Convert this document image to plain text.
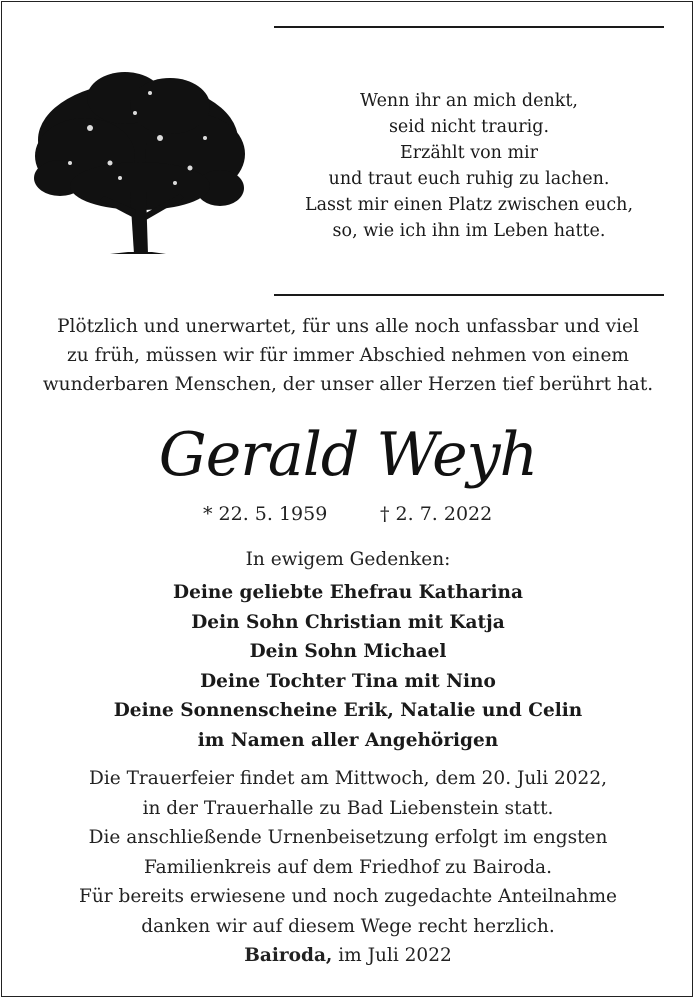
Wenn ihr an mich denkt,
seid nicht traurig.
Erzählt von mir
und traut euch ruhig zu lachen.
Lasst mir einen Platz zwischen euch,
so, wie ich ihn im Leben hatte.
Plötzlich und unerwartet, für uns alle noch unfassbar und viel
zu früh, müssen wir für immer Abschied nehmen von einem
wunderbaren Menschen, der unser aller Herzen tief berührt hat.
Gerald Weyh
* 22. 5. 1959	† 2. 7. 2022
In ewigem Gedenken:
Deine geliebte Ehefrau Katharina
Dein Sohn Christian mit Katja
Dein Sohn Michael
Deine Tochter Tina mit Nino
Deine Sonnenscheine Erik, Natalie und Celin
im Namen aller Angehörigen
Die Trauerfeier findet am Mittwoch, dem 20. Juli 2022,
in der Trauerhalle zu Bad Liebenstein statt.
Die anschließende Urnenbeisetzung erfolgt im engsten
Familienkreis auf dem Friedhof zu Bairoda.
Für bereits erwiesene und noch zugedachte Anteilnahme
danken wir auf diesem Wege recht herzlich.
Bairoda, im Juli 2022
